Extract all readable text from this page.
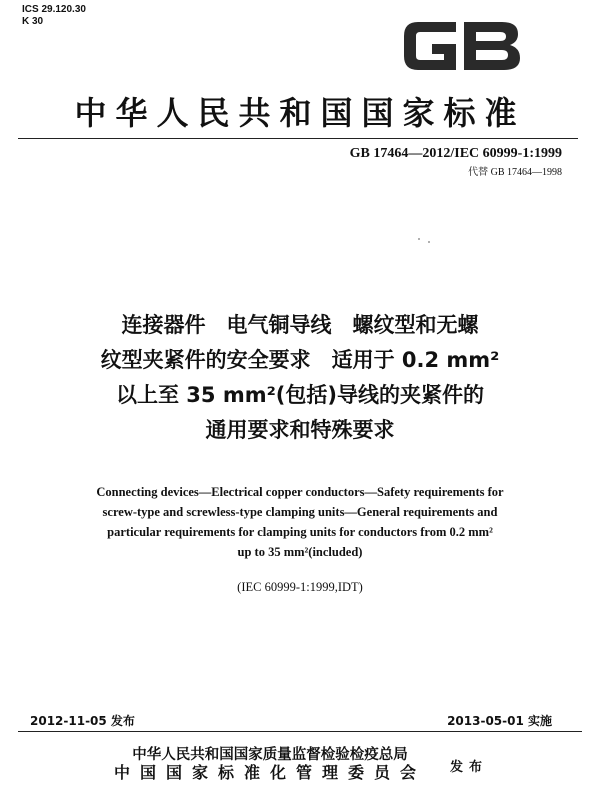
ICS 29.120.30
K 30
中华人民共和国国家标准
GB 17464—2012/IEC 60999-1:1999
代替 GB 17464—1998
连接器件　电气铜导线　螺纹型和无螺
纹型夹紧件的安全要求　适用于 0.2 mm²
以上至 35 mm²(包括)导线的夹紧件的
通用要求和特殊要求
Connecting devices—Electrical copper conductors—Safety requirements for
screw-type and screwless-type clamping units—General requirements and
particular requirements for clamping units for conductors from 0.2 mm²
up to 35 mm²(included)
(IEC 60999-1:1999,IDT)
2012-11-05 发布	2013-05-01 实施
中华人民共和国国家质量监督检验检疫总局
中国国家标准化管理委员会	发布
